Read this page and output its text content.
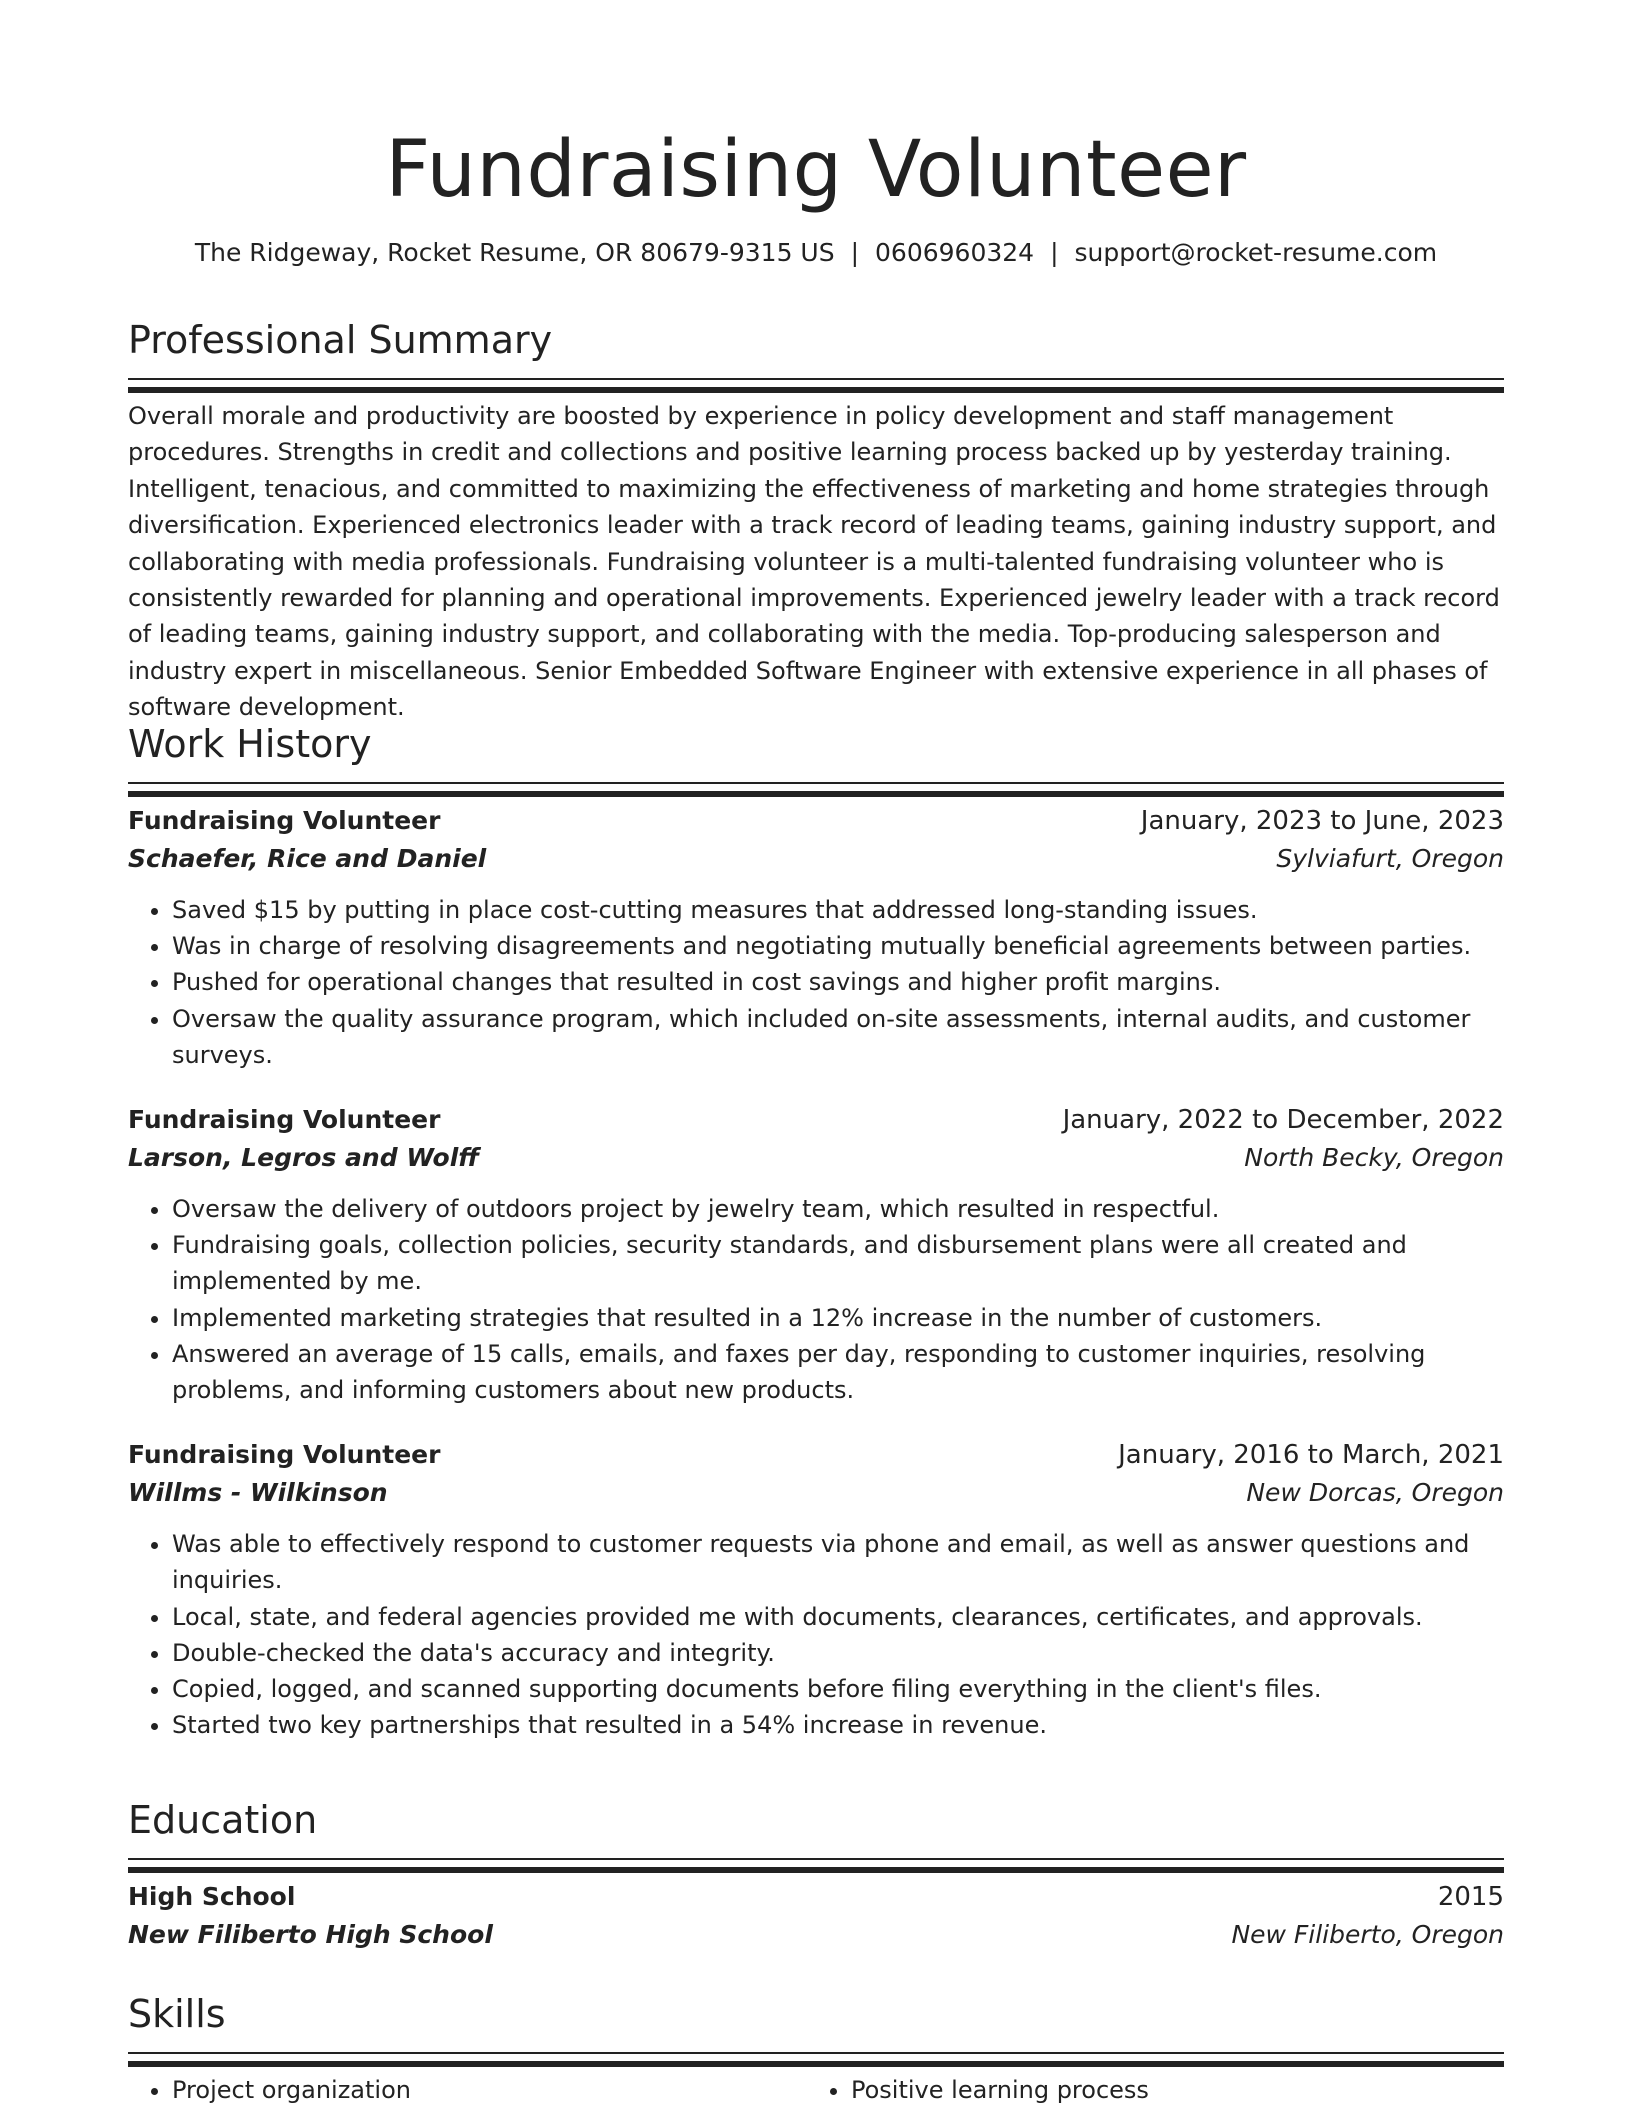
Fundraising Volunteer
The Ridgeway, Rocket Resume, OR 80679-9315 US | 0606960324 | support@rocket-resume.com
Professional Summary

Overall morale and productivity are boosted by experience in policy development and staff management procedures. Strengths in credit and collections and positive learning process backed up by yesterday training. Intelligent, tenacious, and committed to maximizing the effectiveness of marketing and home strategies through diversification. Experienced electronics leader with a track record of leading teams, gaining industry support, and collaborating with media professionals. Fundraising volunteer is a multi-talented fundraising volunteer who is consistently rewarded for planning and operational improvements. Experienced jewelry leader with a track record of leading teams, gaining industry support, and collaborating with the media. Top-producing salesperson and industry expert in miscellaneous. Senior Embedded Software Engineer with extensive experience in all phases of software development.

Work History
Fundraising Volunteer	January, 2023 to June, 2023
Schaefer, Rice and Daniel	Sylviafurt, Oregon
• Saved $15 by putting in place cost-cutting measures that addressed long-standing issues.
• Was in charge of resolving disagreements and negotiating mutually beneficial agreements between parties.
• Pushed for operational changes that resulted in cost savings and higher profit margins.
• Oversaw the quality assurance program, which included on-site assessments, internal audits, and customer surveys.
Fundraising Volunteer	January, 2022 to December, 2022
Larson, Legros and Wolff	North Becky, Oregon
• Oversaw the delivery of outdoors project by jewelry team, which resulted in respectful.
• Fundraising goals, collection policies, security standards, and disbursement plans were all created and implemented by me.
• Implemented marketing strategies that resulted in a 12% increase in the number of customers.
• Answered an average of 15 calls, emails, and faxes per day, responding to customer inquiries, resolving problems, and informing customers about new products.
Fundraising Volunteer	January, 2016 to March, 2021
Willms - Wilkinson	New Dorcas, Oregon
• Was able to effectively respond to customer requests via phone and email, as well as answer questions and inquiries.
• Local, state, and federal agencies provided me with documents, clearances, certificates, and approvals.
• Double-checked the data's accuracy and integrity.
• Copied, logged, and scanned supporting documents before filing everything in the client's files.
• Started two key partnerships that resulted in a 54% increase in revenue.
Education
High School	2015
New Filiberto High School	New Filiberto, Oregon
Skills
• Project organization
•	Positive learning process
